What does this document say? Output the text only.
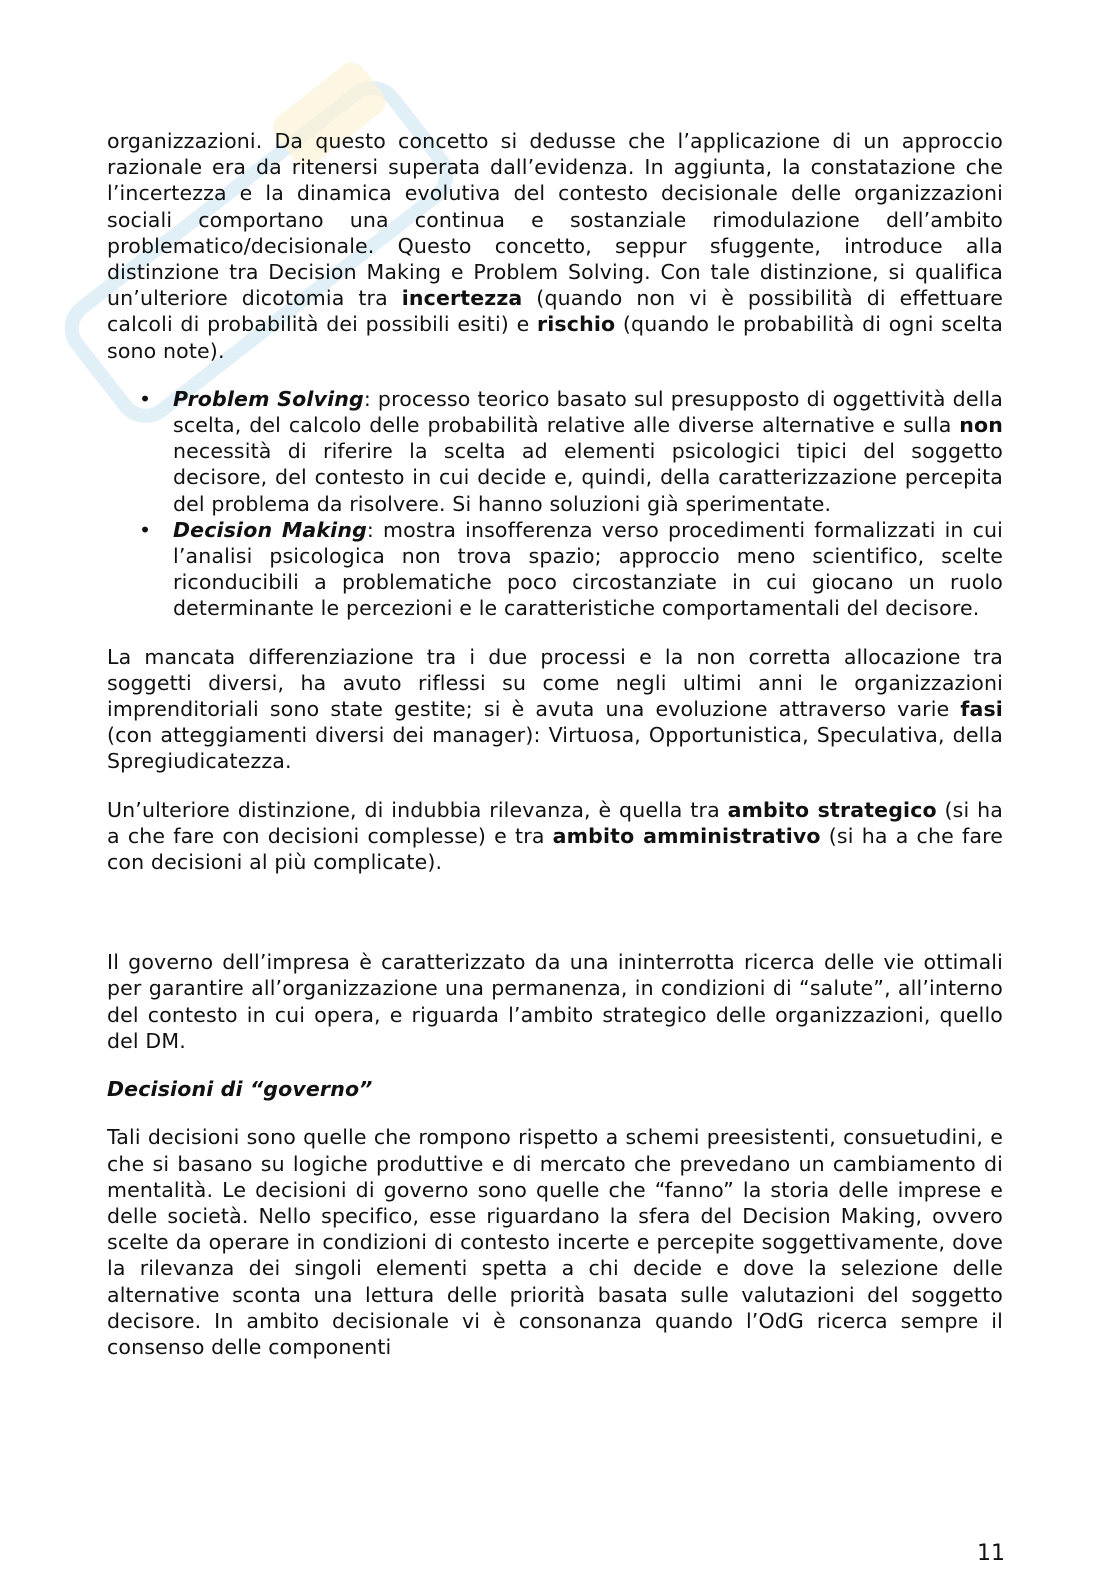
organizzazioni. Da questo concetto si dedusse che l’applicazione di un approccio razionale era da ritenersi superata dall’evidenza. In aggiunta, la constatazione che l’incertezza e la dinamica evolutiva del contesto decisionale delle organizzazioni sociali comportano una continua e sostanziale rimodulazione dell’ambito problematico/decisionale. Questo concetto, seppur sfuggente, introduce alla distinzione tra Decision Making e Problem Solving. Con tale distinzione, si qualifica un’ulteriore dicotomia tra incertezza (quando non vi è possibilità di effettuare calcoli di probabilità dei possibili esiti) e rischio (quando le probabilità di ogni scelta sono note).

• Problem Solving: processo teorico basato sul presupposto di oggettività della scelta, del calcolo delle probabilità relative alle diverse alternative e sulla non necessità di riferire la scelta ad elementi psicologici tipici del soggetto decisore, del contesto in cui decide e, quindi, della caratterizzazione percepita del problema da risolvere. Si hanno soluzioni già sperimentate.
• Decision Making: mostra insofferenza verso procedimenti formalizzati in cui l’analisi psicologica non trova spazio; approccio meno scientifico, scelte riconducibili a problematiche poco circostanziate in cui giocano un ruolo determinante le percezioni e le caratteristiche comportamentali del decisore.

La mancata differenziazione tra i due processi e la non corretta allocazione tra soggetti diversi, ha avuto riflessi su come negli ultimi anni le organizzazioni imprenditoriali sono state gestite; si è avuta una evoluzione attraverso varie fasi (con atteggiamenti diversi dei manager): Virtuosa, Opportunistica, Speculativa, della Spregiudicatezza.

Un’ulteriore distinzione, di indubbia rilevanza, è quella tra ambito strategico (si ha a che fare con decisioni complesse) e tra ambito amministrativo (si ha a che fare con decisioni al più complicate).

Il governo dell’impresa è caratterizzato da una ininterrotta ricerca delle vie ottimali per garantire all’organizzazione una permanenza, in condizioni di “salute”, all’interno del contesto in cui opera, e riguarda l’ambito strategico delle organizzazioni, quello del DM.

Decisioni di “governo”

Tali decisioni sono quelle che rompono rispetto a schemi preesistenti, consuetudini, e che si basano su logiche produttive e di mercato che prevedano un cambiamento di mentalità. Le decisioni di governo sono quelle che “fanno” la storia delle imprese e delle società. Nello specifico, esse riguardano la sfera del Decision Making, ovvero scelte da operare in condizioni di contesto incerte e percepite soggettivamente, dove la rilevanza dei singoli elementi spetta a chi decide e dove la selezione delle alternative sconta una lettura delle priorità basata sulle valutazioni del soggetto decisore. In ambito decisionale vi è consonanza quando l’OdG ricerca sempre il consenso delle componenti

11
